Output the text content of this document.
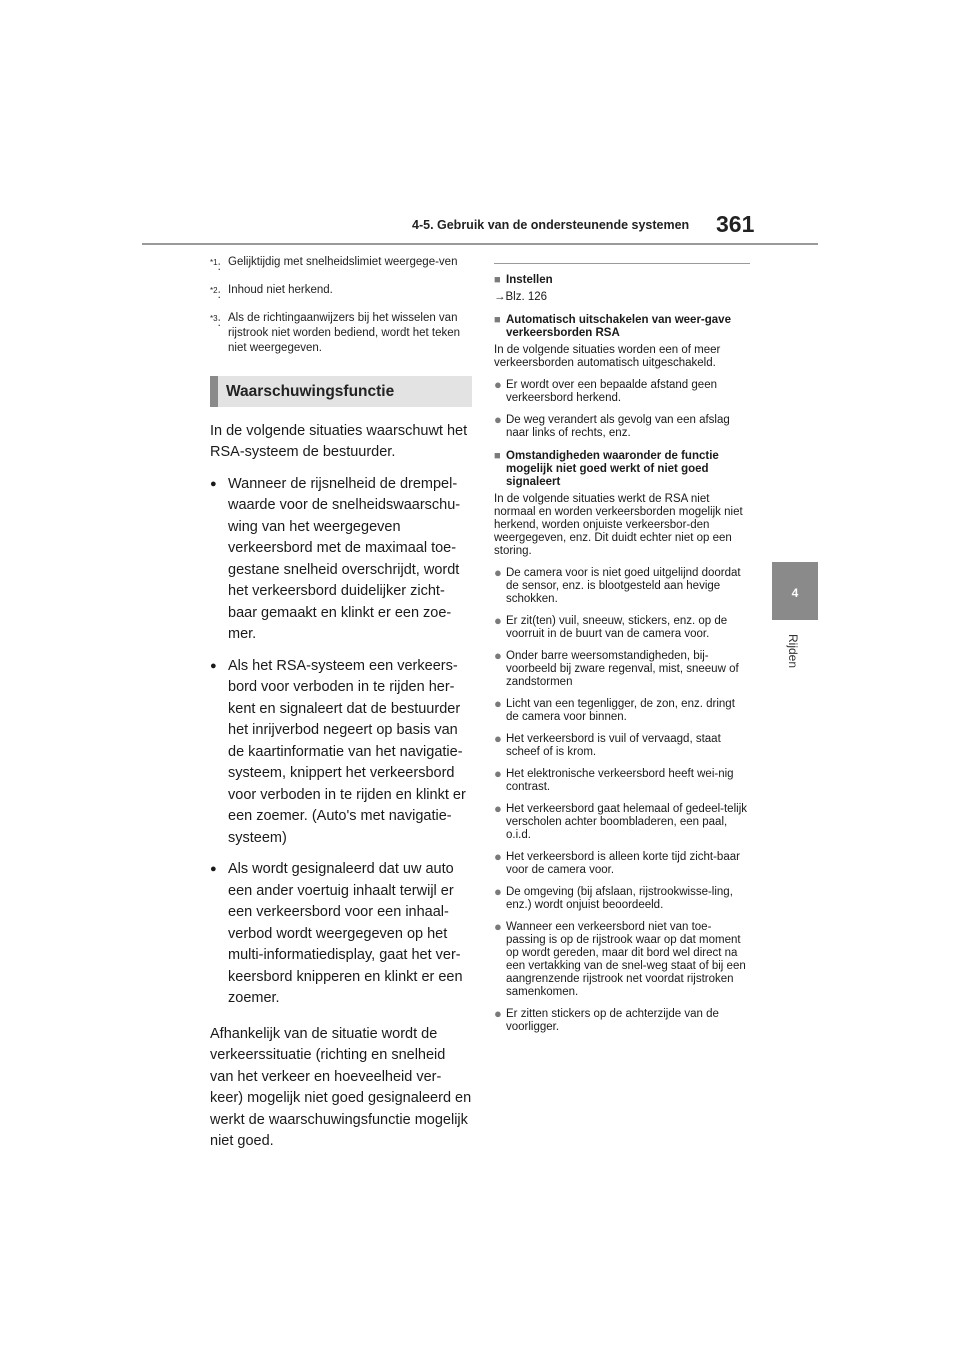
4-5. Gebruik van de ondersteunende systemen 361
4
Rijden
$^{*1}$: Gelijktijdig met snelheidslimiet weergege-ven
$^{*2}$: Inhoud niet herkend.
$^{*3}$: Als de richtingaanwijzers bij het wisselen van rijstrook niet worden bediend, wordt het teken niet weergegeven.
Waarschuwingsfunctie

In de volgende situaties waarschuwt het RSA-systeem de bestuurder.

● Wanneer de rijsnelheid de drempel-waarde voor de snelheidswaarschu-wing van het weergegeven verkeersbord met de maximaal toe-gestane snelheid overschrijdt, wordt het verkeersbord duidelijker zicht-baar gemaakt en klinkt er een zoe-mer.
● Als het RSA-systeem een verkeers-bord voor verboden in te rijden her-kent en signaleert dat de bestuurder het inrijverbod negeert op basis van de kaartinformatie van het navigatie-systeem, knippert het verkeersbord voor verboden in te rijden en klinkt er een zoemer. (Auto's met navigatie-systeem)
● Als wordt gesignaleerd dat uw auto een ander voertuig inhaalt terwijl er een verkeersbord voor een inhaal-verbod wordt weergegeven op het multi-informatiedisplay, gaat het ver-keersbord knipperen en klinkt er een zoemer.

Afhankelijk van de situatie wordt de verkeerssituatie (richting en snelheid van het verkeer en hoeveelheid ver-keer) mogelijk niet goed gesignaleerd en werkt de waarschuwingsfunctie mogelijk niet goed.

■ Instellen
→Blz. 126
■ Automatisch uitschakelen van weer-gave verkeersborden RSA
In de volgende situaties worden een of meer verkeersborden automatisch uitgeschakeld.
● Er wordt over een bepaalde afstand geen verkeersbord herkend.
● De weg verandert als gevolg van een afslag naar links of rechts, enz.
■ Omstandigheden waaronder de functie mogelijk niet goed werkt of niet goed signaleert
In de volgende situaties werkt de RSA niet normaal en worden verkeersborden mogelijk niet herkend, worden onjuiste verkeersbor-den weergegeven, enz. Dit duidt echter niet op een storing.
● De camera voor is niet goed uitgelijnd doordat de sensor, enz. is blootgesteld aan hevige schokken.
● Er zit(ten) vuil, sneeuw, stickers, enz. op de voorruit in de buurt van de camera voor.
● Onder barre weersomstandigheden, bij-voorbeeld bij zware regenval, mist, sneeuw of zandstormen
● Licht van een tegenligger, de zon, enz. dringt de camera voor binnen.
● Het verkeersbord is vuil of vervaagd, staat scheef of is krom.
● Het elektronische verkeersbord heeft wei-nig contrast.
● Het verkeersbord gaat helemaal of gedeel-telijk verscholen achter boombladeren, een paal, o.i.d.
● Het verkeersbord is alleen korte tijd zicht-baar voor de camera voor.
● De omgeving (bij afslaan, rijstrookwisse-ling, enz.) wordt onjuist beoordeeld.
● Wanneer een verkeersbord niet van toe-passing is op de rijstrook waar op dat moment op wordt gereden, maar dit bord wel direct na een vertakking van de snel-weg staat of bij een aangrenzende rijstrook net voordat rijstroken samenkomen.
● Er zitten stickers op de achterzijde van de voorligger.
